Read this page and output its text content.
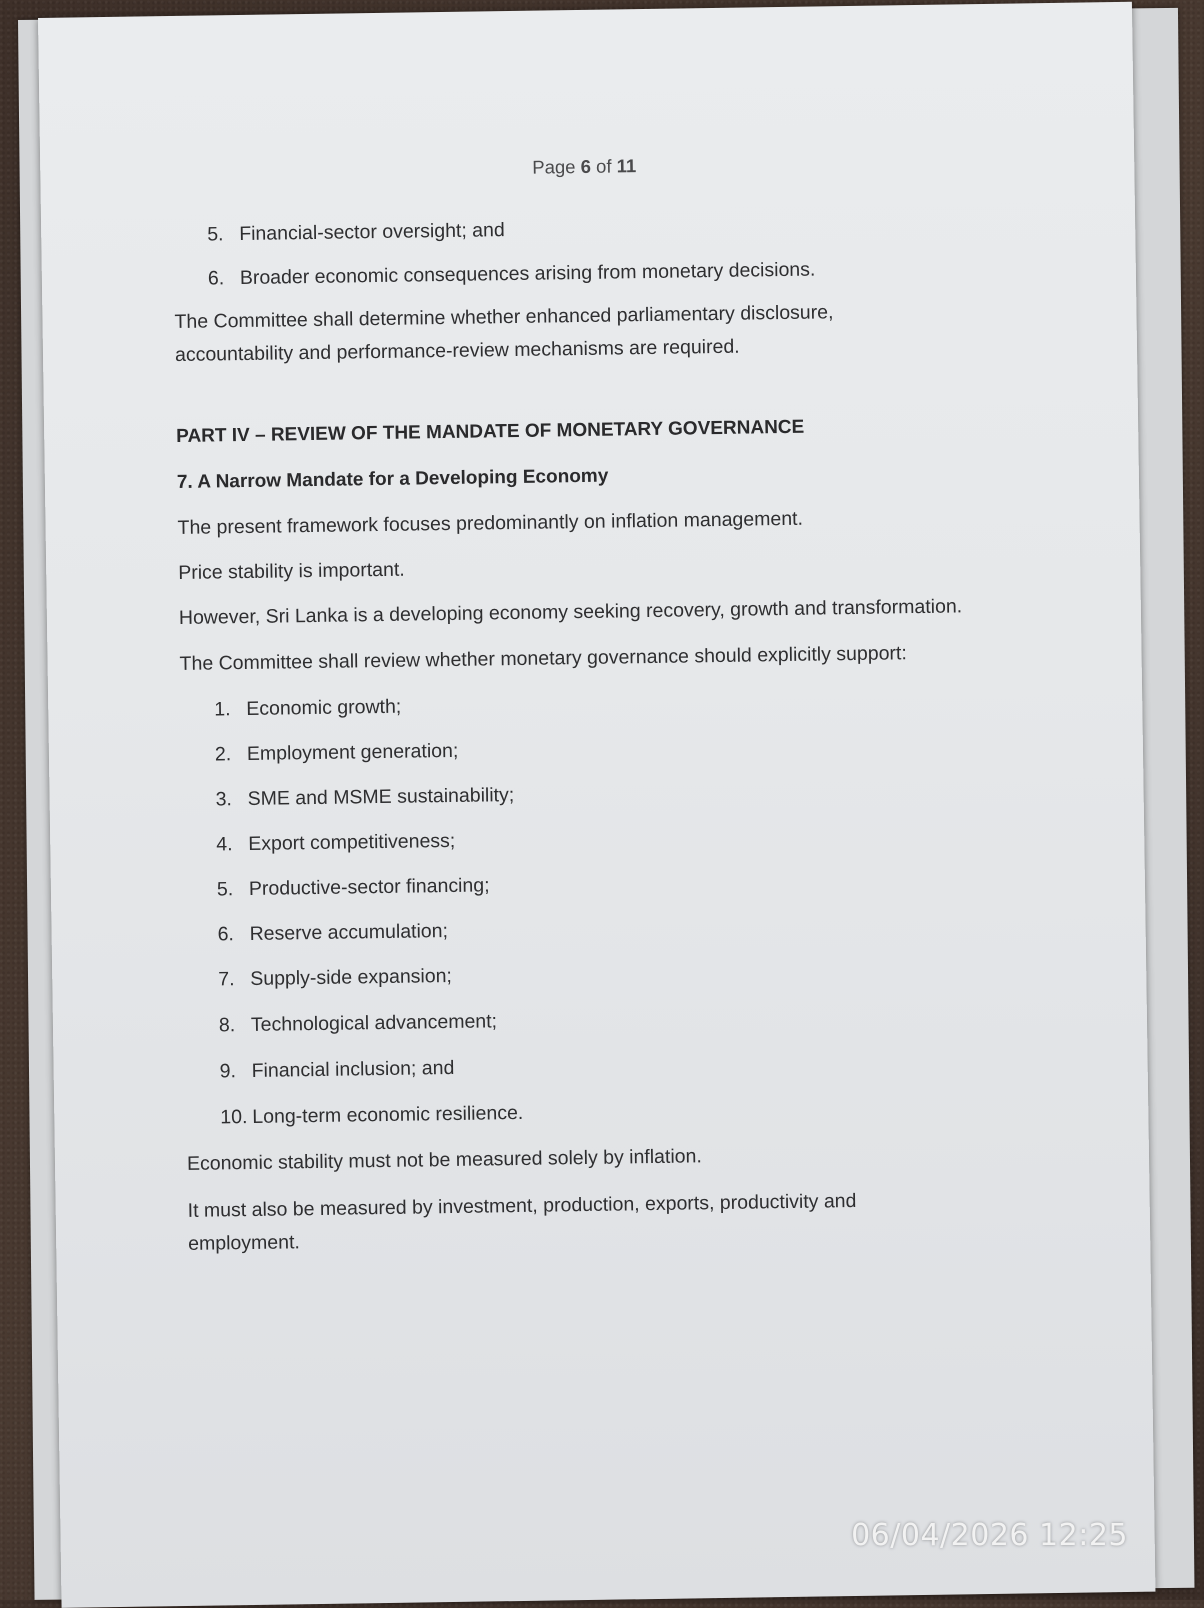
Page 6 of 11
5. Financial-sector oversight; and
6. Broader economic consequences arising from monetary decisions.
The Committee shall determine whether enhanced parliamentary disclosure,
accountability and performance-review mechanisms are required.
PART IV – REVIEW OF THE MANDATE OF MONETARY GOVERNANCE
7. A Narrow Mandate for a Developing Economy
The present framework focuses predominantly on inflation management.
Price stability is important.
However, Sri Lanka is a developing economy seeking recovery, growth and transformation.
The Committee shall review whether monetary governance should explicitly support:
1. Economic growth;
2. Employment generation;
3. SME and MSME sustainability;
4. Export competitiveness;
5. Productive-sector financing;
6. Reserve accumulation;
7. Supply-side expansion;
8. Technological advancement;
9. Financial inclusion; and
10. Long-term economic resilience.
Economic stability must not be measured solely by inflation.
It must also be measured by investment, production, exports, productivity and
employment.
06/04/2026 12:25
